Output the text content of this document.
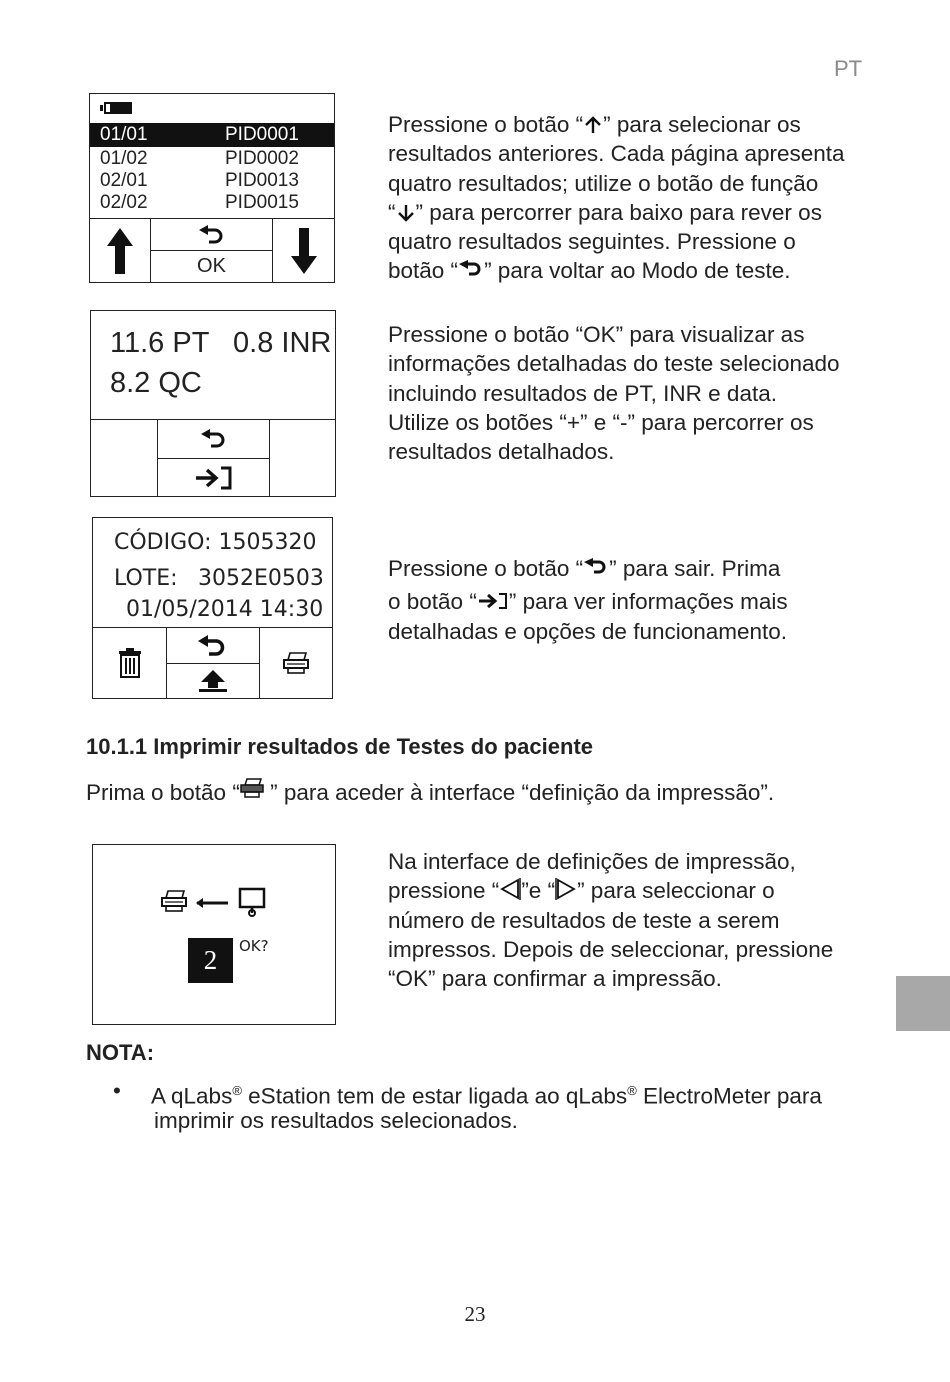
PT
01/01	PID0001
01/02	PID0002
02/01	PID0013
02/02	PID0015
OK
Pressione o botão “ ” para selecionar os
resultados anteriores. Cada página apresenta
quatro resultados; utilize o botão de função
“ ” para percorrer para baixo para rever os
quatro resultados seguintes. Pressione o
botão “ ” para voltar ao Modo de teste.
11.6 PT   0.8 INR
8.2 QC
Pressione o botão “OK” para visualizar as
informações detalhadas do teste selecionado
incluindo resultados de PT, INR e data.
Utilize os botões “+” e “-” para percorrer os
resultados detalhados.
CÓDIGO: 1505320
LOTE: 3052E0503
01/05/2014 14:30
Pressione o botão “ ” para sair. Prima
o botão “ ” para ver informações mais
detalhadas e opções de funcionamento.
10.1.1 Imprimir resultados de Testes do paciente
Prima o botão “ ” para aceder à interface “definição da impressão”.
2 OK?
Na interface de definições de impressão,
pressione “ ”e “ ” para seleccionar o
número de resultados de teste a serem
impressos. Depois de seleccionar, pressione
“OK” para confirmar a impressão.
NOTA:
• A qLabs® eStation tem de estar ligada ao qLabs® ElectroMeter para
imprimir os resultados selecionados.
23
